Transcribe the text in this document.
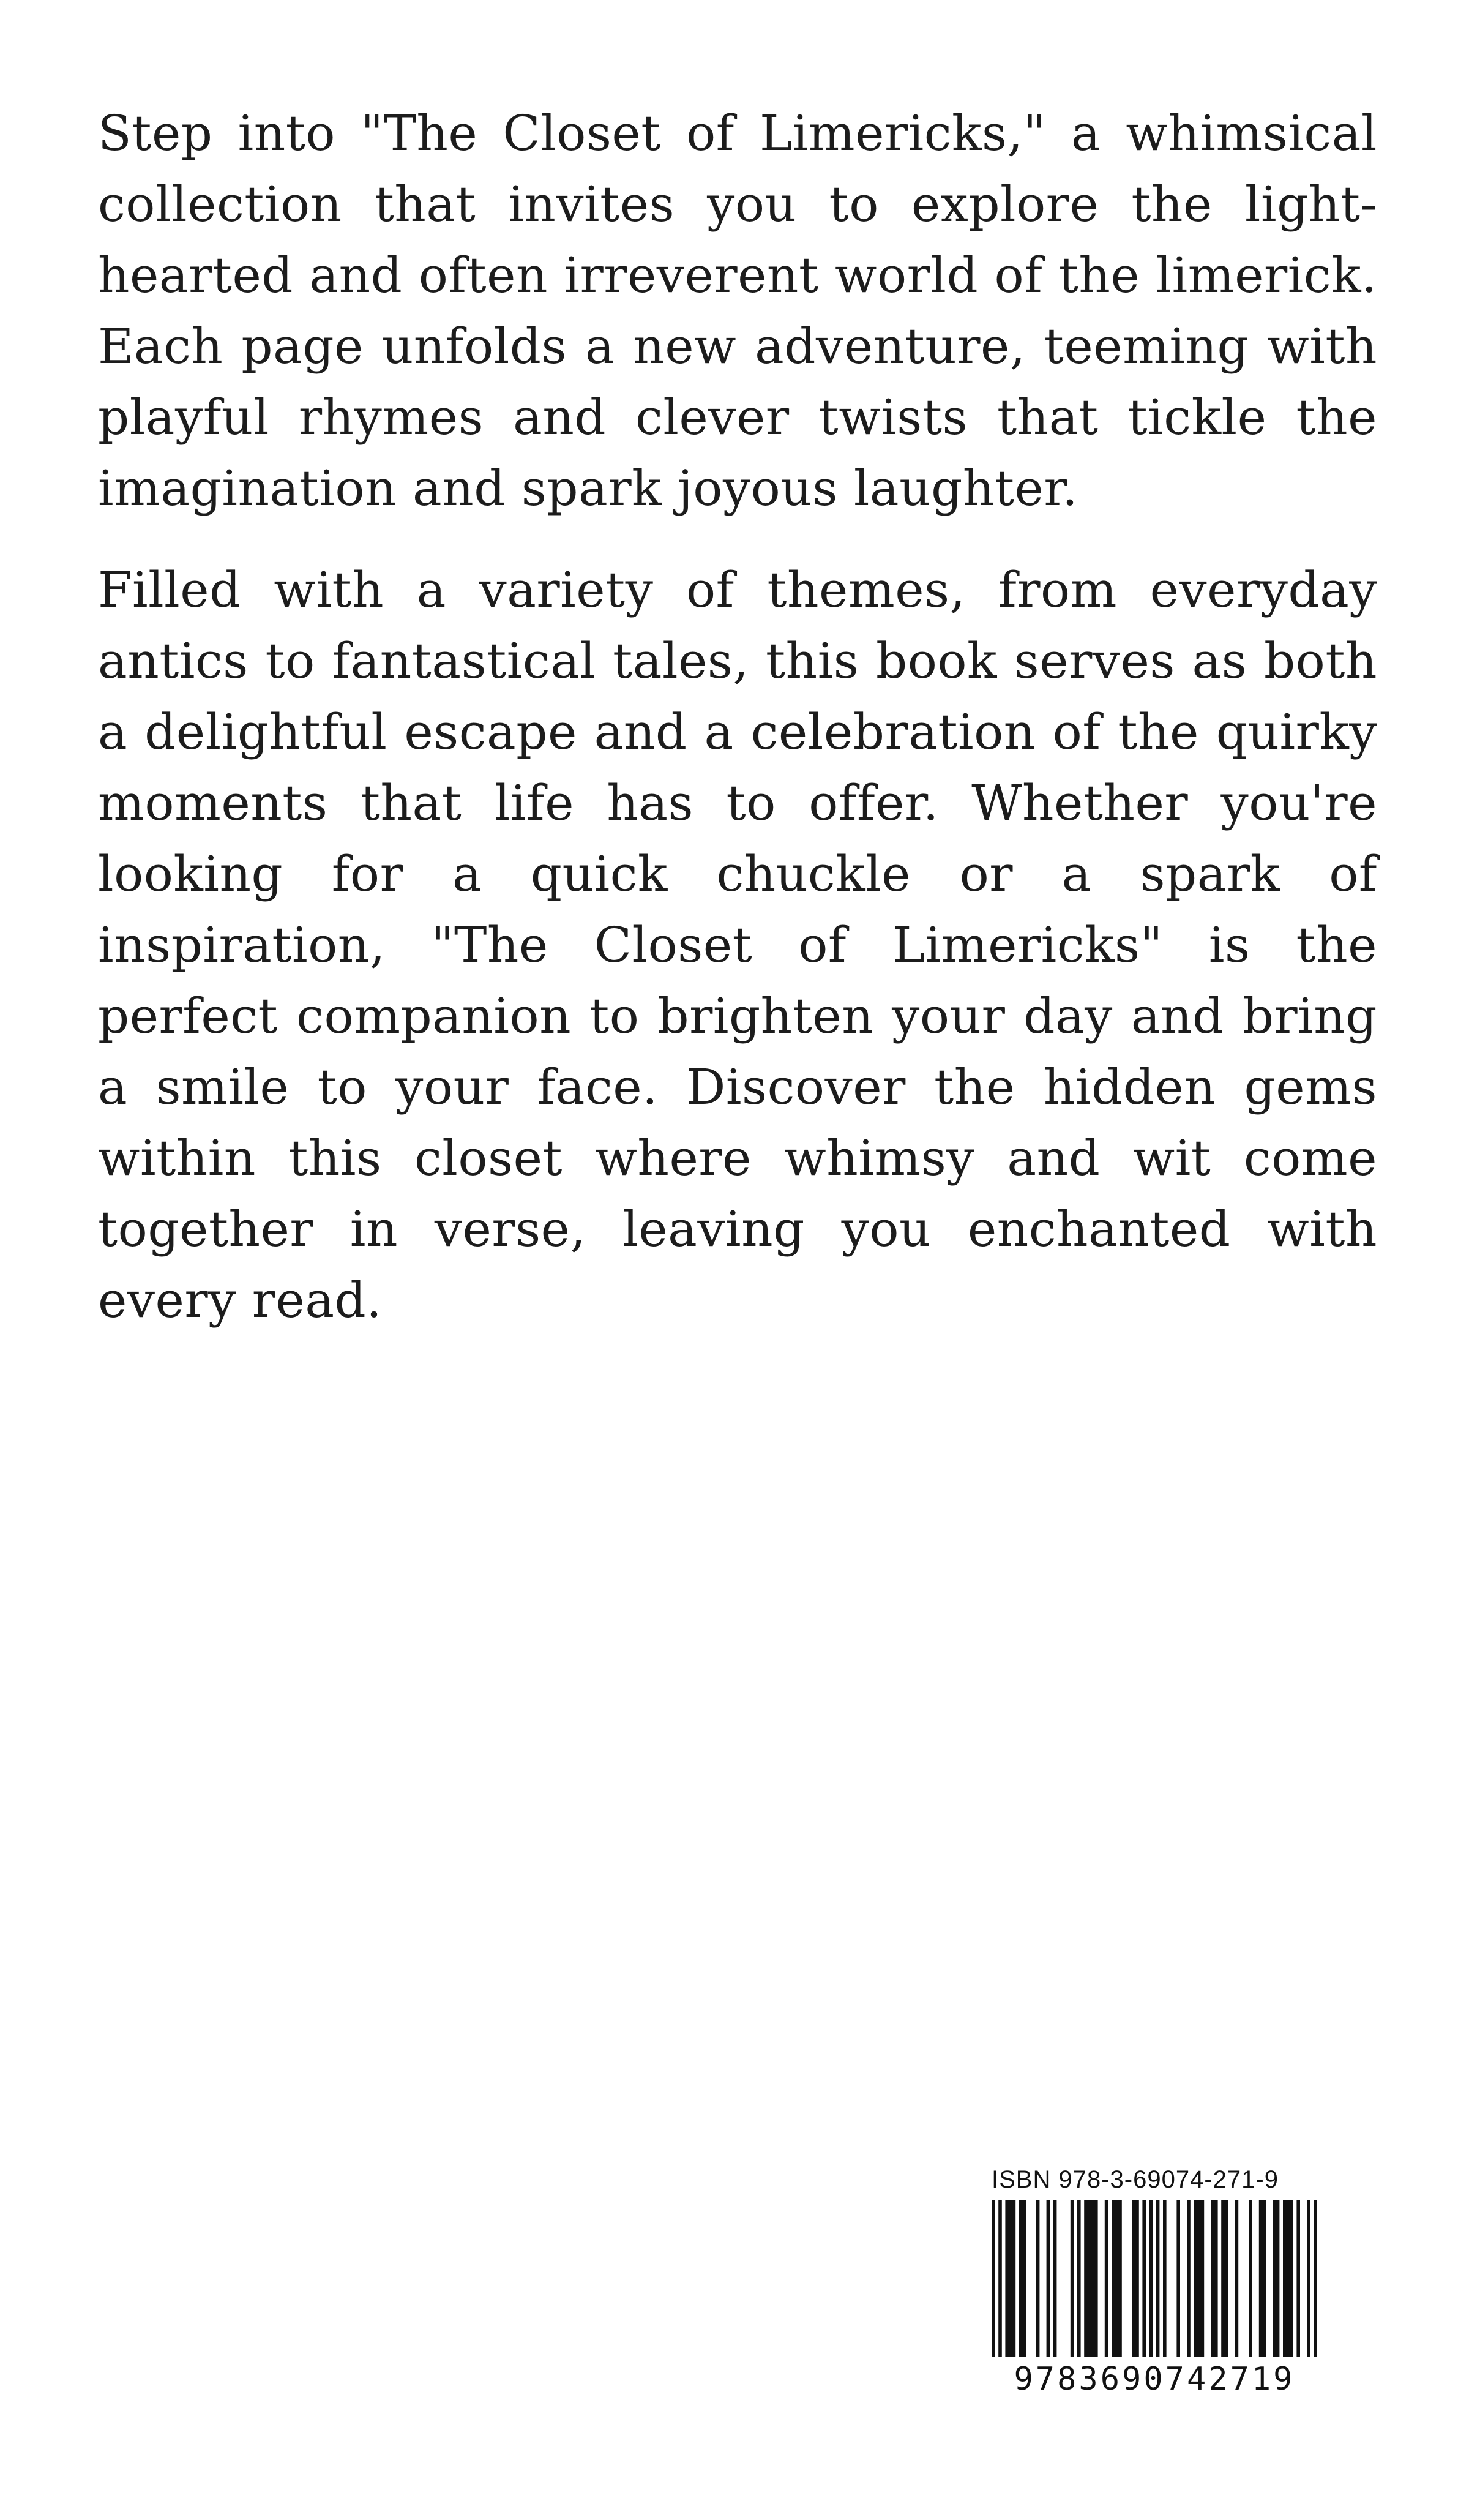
Step into "The Closet of Limericks," a whimsical collection that invites you to explore the light-hearted and often irreverent world of the limerick. Each page unfolds a new adventure, teeming with playful rhymes and clever twists that tickle the imagination and spark joyous laughter.

Filled with a variety of themes, from everyday antics to fantastical tales, this book serves as both a delightful escape and a celebration of the quirky moments that life has to offer. Whether you're looking for a quick chuckle or a spark of inspiration, "The Closet of Limericks" is the perfect companion to brighten your day and bring a smile to your face. Discover the hidden gems within this closet where whimsy and wit come together in verse, leaving you enchanted with every read.

ISBN 978-3-69074-271-9
9783690742719
